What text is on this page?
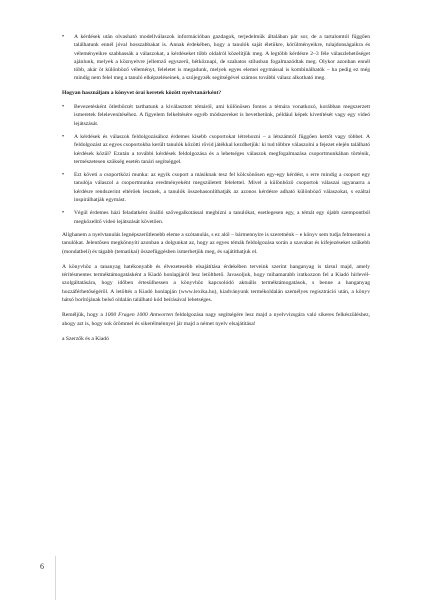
• A kérdések után olvasható modellválaszok információban gazdagok, terjedelmük általában pár sor, de a tartalomtól függően találhatunk ennél jóval hosszabbakat is. Annak érdekében, hogy a tanulók saját életükre, körülményeikre, tulajdonságaikra és véleményeikre szabhassák a válaszokat, a kérdéseket több oldalról közelítjük meg. A legtöbb kérdésre 2–3 féle válaszlehetőséget ajánlunk, melyek a köznyelvre jellemző egyszerű, hétköznapi, de szabatos stílusban fogalmazódtak meg. Olykor azonban ennél több, akár öt különböző véleményt, feleletet is megadunk, melyek egyes elemei egymással is kombinálhatók – ha pedig ez még mindig nem felel meg a tanuló elképzeléseinek, a szójegyzék segítségével számos további válasz alkotható meg.
Hogyan használjam a könyvet órai keretek között nyelvtanárként?
• Bevezetésként ötletbörzét tarthatunk a kiválasztott témáról, ami különösen fontos a témára vonatkozó, korábban megszerzett ismeretek felelevenítéséhez. A figyelem felkeltésére egyéb módszereket is bevethetünk, például képek kivetítését vagy egy videó lejátszását.
• A kérdések és válaszok feldolgozásához érdemes kisebb csoportokat létrehozni – a létszámtól függően kettőt vagy többet. A feldolgozást az egyes csoportokba került tanulók közötti rövid játékkal kezdhetjük: ki tud többre válaszolni a fejezet elején található kérdések közül? Ezután a további kérdések feldolgozása és a lehetséges válaszok megfogalmazása csoportmunkában történik, természetesen szükség esetén tanári segítséggel.
• Ezt követi a csoportközi munka: az egyik csoport a másiknak tesz fel kölcsönösen egy-egy kérdést, s erre mindig a csoport egy tanulója válaszol a csoportmunka eredményeként megszületett felelettel. Mivel a különböző csoportok válaszai ugyanarra a kérdésre rendszerint eltérőek lesznek, a tanulók összehasonlíthatják az azonos kérdésre adható különböző válaszokat, s ezáltal inspirálhatják egymást.
• Végül érdemes házi feladatként önálló szövegalkotással megbízni a tanulókat, esetlegesen egy, a témát egy újabb szempontból megközelítő videó lejátszását követően.

Alighanem a nyelvtanulás legnépszerűtlenebb eleme a szótanulás, s ez alól – bármennyire is szeretnénk – e könyv sem tudja felmenteni a tanulókat. Jelentősen megkönnyíti azonban a dolgunkat az, hogy az egyes témák feldolgozása során a szavakat és kifejezéseket szűkebb (mondatbeli) és tágabb (tematikai) összefüggésben ismerhetjük meg, és sajátíthatjuk el.

A könyvhöz a tananyag hatékonyabb és élvezetesebb elsajátítása érdekében terveink szerint hanganyag is társul majd, amely térítésmentes terméktámogatásként a Kiadó honlapjáról lesz letölthető. Javasoljuk, hogy mihamarabb iratkozzon fel a Kiadó hírlevél-szolgáltatására, hogy időben értesülhessen a könyvhöz kapcsolódó aktuális terméktámogatások, s benne a hanganyag hozzáférhetőségéről. A letöltés a Kiadó honlapján (www.lexika.hu), kiadványunk termékoldalán személyes regisztráció után, a könyv hátsó borítójának belső oldalán található kód beírásával lehetséges.

Reméljük, hogy a 1000 Fragen 1000 Antworten feldolgozása nagy segítségére lesz majd a nyelvvizsgára való sikeres felkészüléshez, ahogy azt is, hogy sok örömmel és sikerélménnyel jár majd a német nyelv elsajátítása!

a Szerzők és a Kiadó

6
